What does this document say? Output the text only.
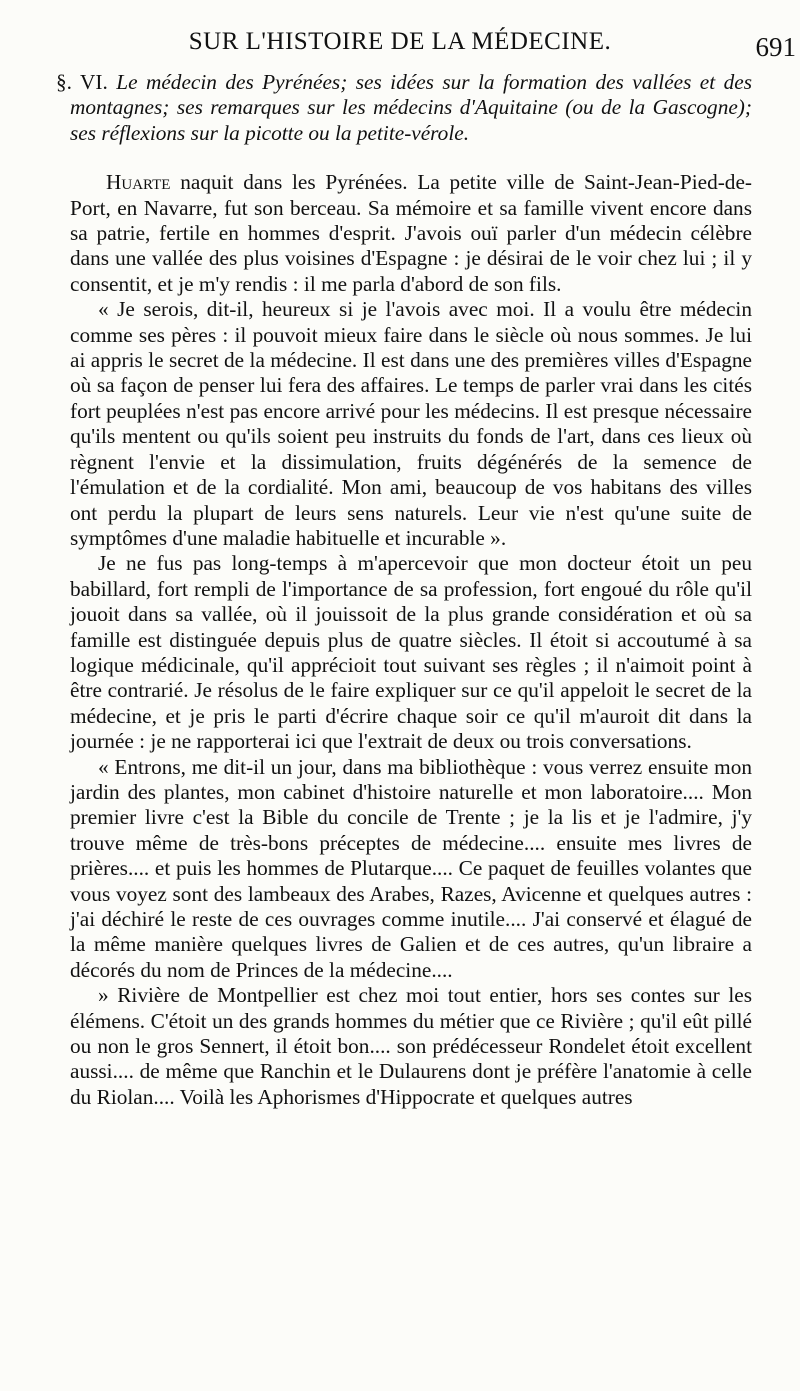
SUR L'HISTOIRE DE LA MÉDECINE.	691

§. VI. Le médecin des Pyrénées; ses idées sur la formation des vallées et des montagnes; ses remarques sur les médecins d'Aquitaine (ou de la Gascogne); ses réflexions sur la picotte ou la petite-vérole.

Huarte naquit dans les Pyrénées. La petite ville de Saint-Jean-Pied-de-Port, en Navarre, fut son berceau. Sa mémoire et sa famille vivent encore dans sa patrie, fertile en hommes d'esprit. J'avois ouï parler d'un médecin célèbre dans une vallée des plus voisines d'Espagne : je désirai de le voir chez lui ; il y consentit, et je m'y rendis : il me parla d'abord de son fils.

« Je serois, dit-il, heureux si je l'avois avec moi. Il a voulu être médecin comme ses pères : il pouvoit mieux faire dans le siècle où nous sommes. Je lui ai appris le secret de la médecine. Il est dans une des premières villes d'Espagne où sa façon de penser lui fera des affaires. Le temps de parler vrai dans les cités fort peuplées n'est pas encore arrivé pour les médecins. Il est presque nécessaire qu'ils mentent ou qu'ils soient peu instruits du fonds de l'art, dans ces lieux où règnent l'envie et la dissimulation, fruits dégénérés de la semence de l'émulation et de la cordialité. Mon ami, beaucoup de vos habitans des villes ont perdu la plupart de leurs sens naturels. Leur vie n'est qu'une suite de symptômes d'une maladie habituelle et incurable ».

Je ne fus pas long-temps à m'apercevoir que mon docteur étoit un peu babillard, fort rempli de l'importance de sa profession, fort engoué du rôle qu'il jouoit dans sa vallée, où il jouissoit de la plus grande considération et où sa famille est distinguée depuis plus de quatre siècles. Il étoit si accoutumé à sa logique médicinale, qu'il apprécioit tout suivant ses règles ; il n'aimoit point à être contrarié. Je résolus de le faire expliquer sur ce qu'il appeloit le secret de la médecine, et je pris le parti d'écrire chaque soir ce qu'il m'auroit dit dans la journée : je ne rapporterai ici que l'extrait de deux ou trois conversations.

« Entrons, me dit-il un jour, dans ma bibliothèque : vous verrez ensuite mon jardin des plantes, mon cabinet d'histoire naturelle et mon laboratoire.... Mon premier livre c'est la Bible du concile de Trente ; je la lis et je l'admire, j'y trouve même de très-bons préceptes de médecine.... ensuite mes livres de prières.... et puis les hommes de Plutarque.... Ce paquet de feuilles volantes que vous voyez sont des lambeaux des Arabes, Razes, Avicenne et quelques autres : j'ai déchiré le reste de ces ouvrages comme inutile.... J'ai conservé et élagué de la même manière quelques livres de Galien et de ces autres, qu'un libraire a décorés du nom de Princes de la médecine....

» Rivière de Montpellier est chez moi tout entier, hors ses contes sur les élémens. C'étoit un des grands hommes du métier que ce Rivière ; qu'il eût pillé ou non le gros Sennert, il étoit bon.... son prédécesseur Rondelet étoit excellent aussi.... de même que Ranchin et le Dulaurens dont je préfère l'anatomie à celle du Riolan.... Voilà les Aphorismes d'Hippocrate et quelques autres
